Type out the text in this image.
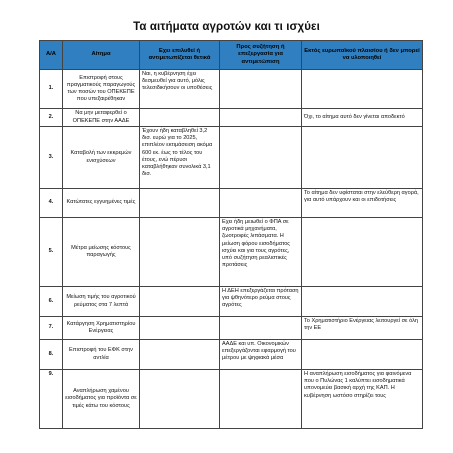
Τα αιτήματα αγροτών και τι ισχύει
Α/Α	Αίτημα	Εχει επιλυθεί ή αντιμετωπίζεται θετικά	Προς συζήτηση ή επεξεργασία για αντιμετώπιση	Εκτός ευρωπαϊκού πλαισίου ή δεν μπορεί να υλοποιηθεί
1.	Επιστροφή στους πραγματικούς παραγωγούς των ποσών του ΟΠΕΚΕΠΕ που υπεξαιρέθηκαν	Ναι, η κυβέρνηση έχει δεσμευθεί για αυτό, μόλις τελεσιδικήσουν οι υποθέσεις		
2.	Να μην μεταφερθεί ο ΟΠΕΚΕΠΕ στην ΑΑΔΕ			Όχι, το αίτημα αυτό δεν γίνεται αποδεκτό
3.	Καταβολή των εκκρεμών ενισχύσεων	Έχουν ήδη καταβληθεί 3,2 δισ. ευρώ για το 2025, επιπλέον εκτιμάσειση ακόμα 600 εκ. έως το τέλος του έτους, ενώ πέρυσι καταβλήθηκαν συνολικά 3,1 δισ.		
4.	Κατώτατες εγγυημένες τιμές			Το αίτημα δεν υφίσταται στην ελεύθερη αγορά, για αυτό υπάρχουν και οι επιδοτήσεις
5.	Μέτρα μείωσης κόστους παραγωγής		Εχει ήδη μειωθεί ο ΦΠΑ σε αγροτικά μηχανήματα, ζωοτροφές λιπάσματα. Η μείωση φόρου εισοδήματος ισχύει και για τους αγρότες, υπό συζήτηση ρεαλιστικές προτάσεις	
6.	Μείωση τιμής του αγροτικού ρεύματος στα 7 λεπτά		Η ΔΕΗ επεξεργάζεται πρόταση για ψθηνότερο ρεύμα στους αγρότες	
7.	Κατάργηση Χρηματιστηρίου Ενέργειας			Το Χρηματιστήριο Ενέργειας λειτουργεί σε όλη την ΕΕ
8.	Επιστροφή του ΕΦΚ στην αντλία		ΑΑΔΕ και υπ. Οικονομικών επεξεργάζονται εφαρμογή του μέτρου με ψηφιακά μέσα	
9.	Αναπλήρωση χαμένου εισοδήματος για προϊόντα σε τιμές κάτω του κόστους			Η αναπλήρωση εισοδήματος για φαινόμενα που ο Πυλώνας 1 καλύπτει εισοδηματικά υπονομεύει βασική αρχή της ΚΑΠ. Η κυβέρνηση ωστόσο στηρίζει τους
